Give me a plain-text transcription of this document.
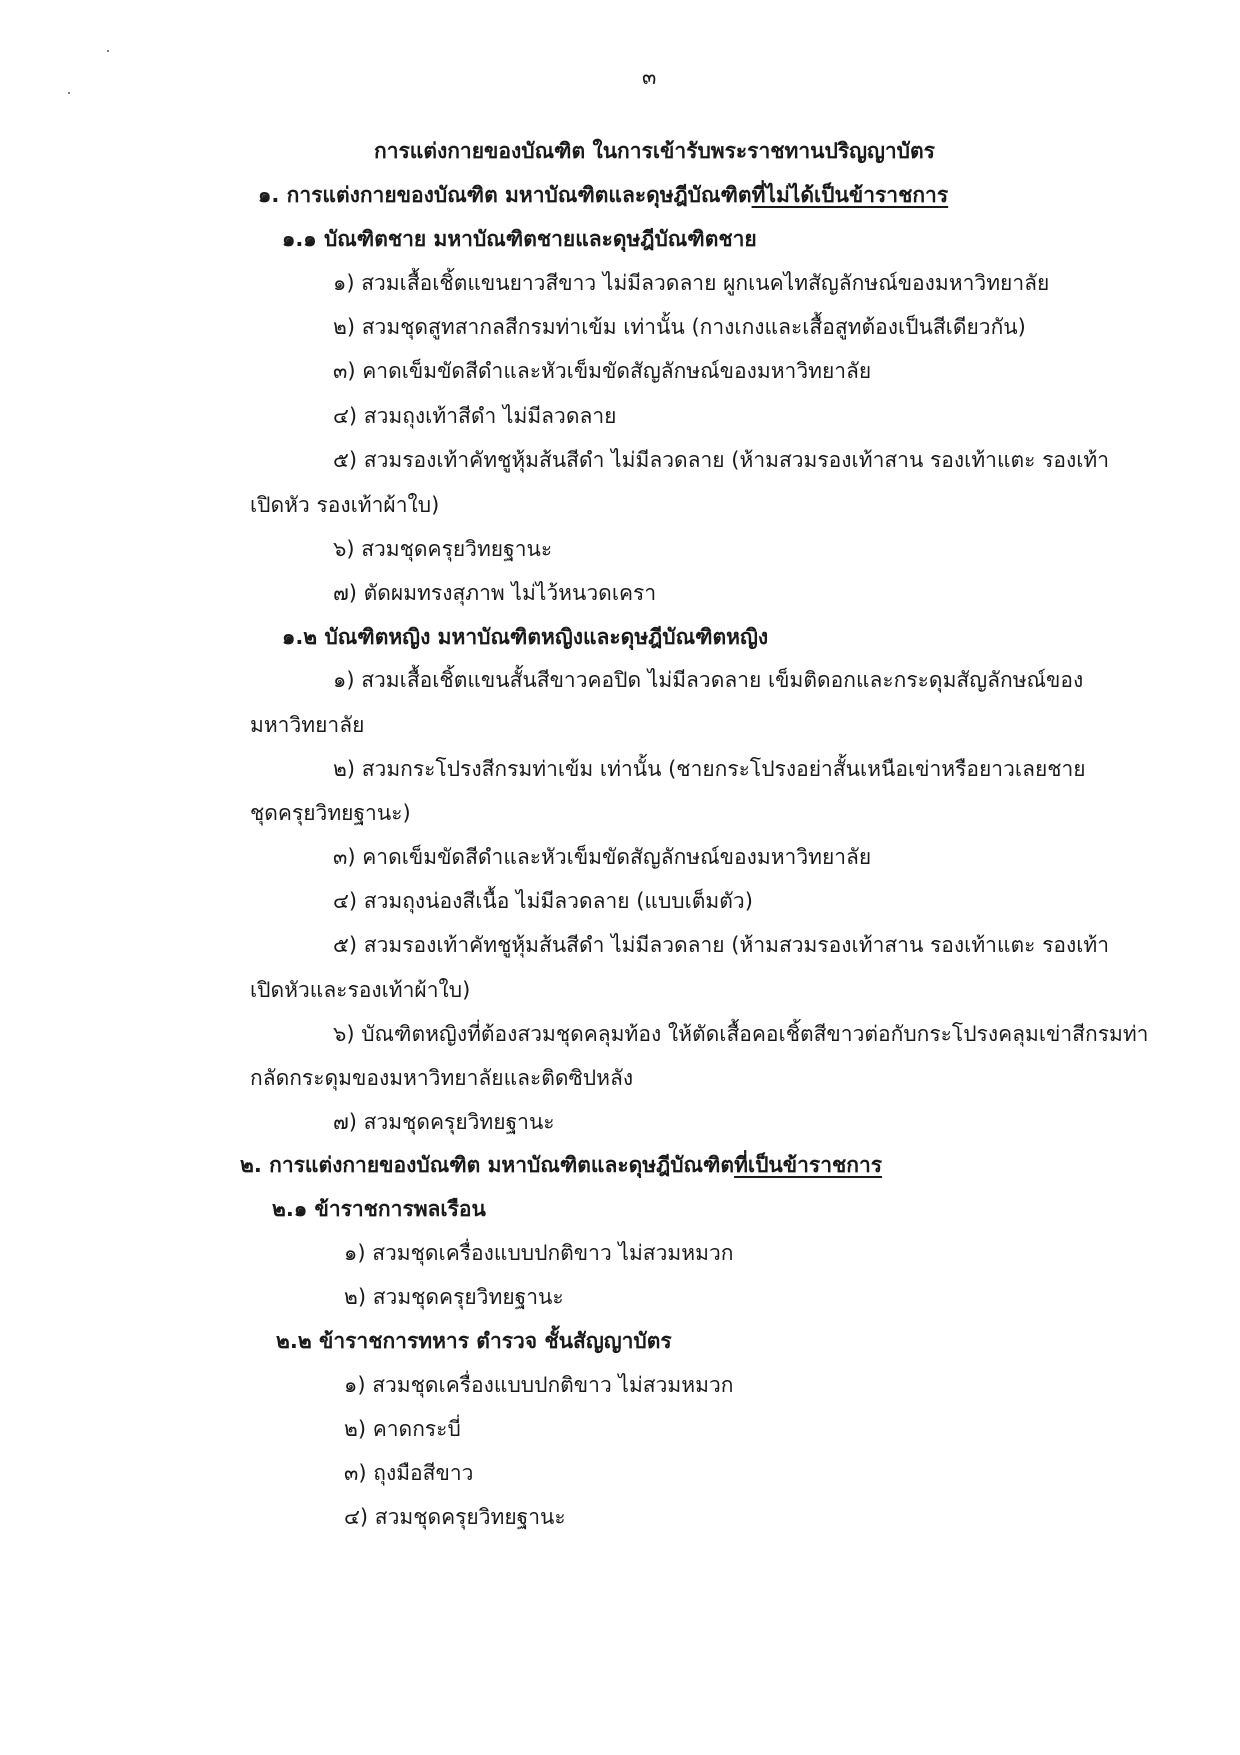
๓
การแต่งกายของบัณฑิต ในการเข้ารับพระราชทานปริญญาบัตร
๑. การแต่งกายของบัณฑิต มหาบัณฑิตและดุษฎีบัณฑิตที่ไม่ได้เป็นข้าราชการ
๑.๑ บัณฑิตชาย มหาบัณฑิตชายและดุษฎีบัณฑิตชาย
๑) สวมเสื้อเชิ้ตแขนยาวสีขาว ไม่มีลวดลาย ผูกเนคไทสัญลักษณ์ของมหาวิทยาลัย
๒) สวมชุดสูทสากลสีกรมท่าเข้ม เท่านั้น (กางเกงและเสื้อสูทต้องเป็นสีเดียวกัน)
๓) คาดเข็มขัดสีดำและหัวเข็มขัดสัญลักษณ์ของมหาวิทยาลัย
๔) สวมถุงเท้าสีดำ ไม่มีลวดลาย
๕) สวมรองเท้าคัทชูหุ้มส้นสีดำ ไม่มีลวดลาย (ห้ามสวมรองเท้าสาน รองเท้าแตะ รองเท้า
เปิดหัว รองเท้าผ้าใบ)
๖) สวมชุดครุยวิทยฐานะ
๗) ตัดผมทรงสุภาพ ไม่ไว้หนวดเครา
๑.๒ บัณฑิตหญิง มหาบัณฑิตหญิงและดุษฎีบัณฑิตหญิง
๑) สวมเสื้อเชิ้ตแขนสั้นสีขาวคอปิด ไม่มีลวดลาย เข็มติดอกและกระดุมสัญลักษณ์ของ
มหาวิทยาลัย
๒) สวมกระโปรงสีกรมท่าเข้ม เท่านั้น (ชายกระโปรงอย่าสั้นเหนือเข่าหรือยาวเลยชาย
ชุดครุยวิทยฐานะ)
๓) คาดเข็มขัดสีดำและหัวเข็มขัดสัญลักษณ์ของมหาวิทยาลัย
๔) สวมถุงน่องสีเนื้อ ไม่มีลวดลาย (แบบเต็มตัว)
๕) สวมรองเท้าคัทชูหุ้มส้นสีดำ ไม่มีลวดลาย (ห้ามสวมรองเท้าสาน รองเท้าแตะ รองเท้า
เปิดหัวและรองเท้าผ้าใบ)
๖) บัณฑิตหญิงที่ต้องสวมชุดคลุมท้อง ให้ตัดเสื้อคอเชิ้ตสีขาวต่อกับกระโปรงคลุมเข่าสีกรมท่า
กลัดกระดุมของมหาวิทยาลัยและติดซิปหลัง
๗) สวมชุดครุยวิทยฐานะ
๒. การแต่งกายของบัณฑิต มหาบัณฑิตและดุษฎีบัณฑิตที่เป็นข้าราชการ
๒.๑ ข้าราชการพลเรือน
๑) สวมชุดเครื่องแบบปกติขาว ไม่สวมหมวก
๒) สวมชุดครุยวิทยฐานะ
๒.๒ ข้าราชการทหาร ตำรวจ ชั้นสัญญาบัตร
๑) สวมชุดเครื่องแบบปกติขาว ไม่สวมหมวก
๒) คาดกระบี่
๓) ถุงมือสีขาว
๔) สวมชุดครุยวิทยฐานะ
